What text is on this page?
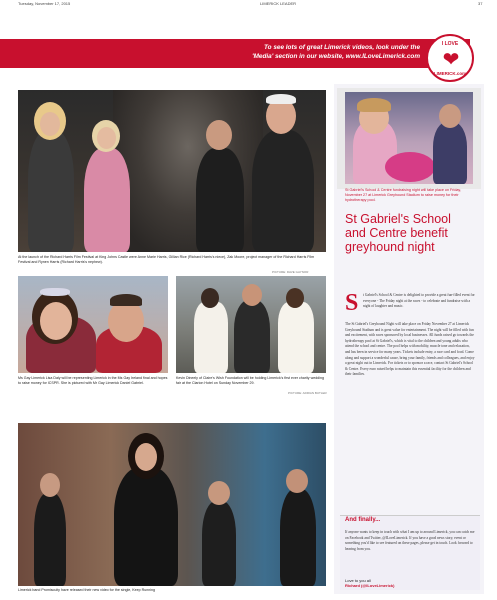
Tuesday, November 17, 2015	LIMERICK LEADER	37
To see lots of great Limerick videos, look under the
'Media' section in our website, www.ILoveLimerick.com
I LOVE
❤
LIMERICK.com
At the launch of the Richard Harris Film Festival at King Johns Castle were Anne Marie Harris, Gillian Rice (Richard Harris's niece), Zak Moore, project manager of the Richard Harris Film Festival and Rynen Harris (Richard Harris's nephew).
PICTURE: DAVE GAYNOR
Ms Gay Limerick Lisa Daly will be representing Limerick in the Ms Gay Ireland final and hopes to raise money for ICSPR. She is pictured with Mr Gay Limerick Daniel Gabriel.
Kevin Dineely of Claire's Wish Foundation will be holding Limerick's first ever charity wedding fair at the Clarion Hotel on Sunday November 29.
PICTURE: ADRIAN BUTLER
Limerick band Promiscuity have released their new video for the single, Keep Running
St Gabriel's School & Centre fundraising night will take place on Friday, November 27 at Limerick Greyhound Stadium to raise money for their hydrotherapy pool.
St Gabriel's School and Centre benefit greyhound night
S	t Gabriel's School & Centre is delighted to provide a great fun-filled event for everyone - The Friday night at the races - to celebrate and fundraise with a night of laughter and music.
The St Gabriel's Greyhound Night will take place on Friday November 27 at Limerick Greyhound Stadium and is great value for entertainment. The night will be filled with fun and excitement, with races sponsored by local businesses. All funds raised go towards the hydrotherapy pool at St Gabriel's, which is vital to the children and young adults who attend the school and centre. The pool helps with mobility, muscle tone and relaxation, and has been in service for many years. Tickets include entry, a race card and food. Come along and support a wonderful cause, bring your family, friends and colleagues, and enjoy a great night out in Limerick. For tickets or to sponsor a race, contact St Gabriel's School & Centre. Every euro raised helps to maintain this essential facility for the children and their families.
And finally...
If anyone wants to keep in touch with what I am up to around Limerick, you can catch me on Facebook and Twitter, @ILoveLimerick. If you have a good news story, event or something you'd like to see featured on these pages, please get in touch. Look forward to hearing from you.
Love to you all
Richard (@ILoveLimerick)
